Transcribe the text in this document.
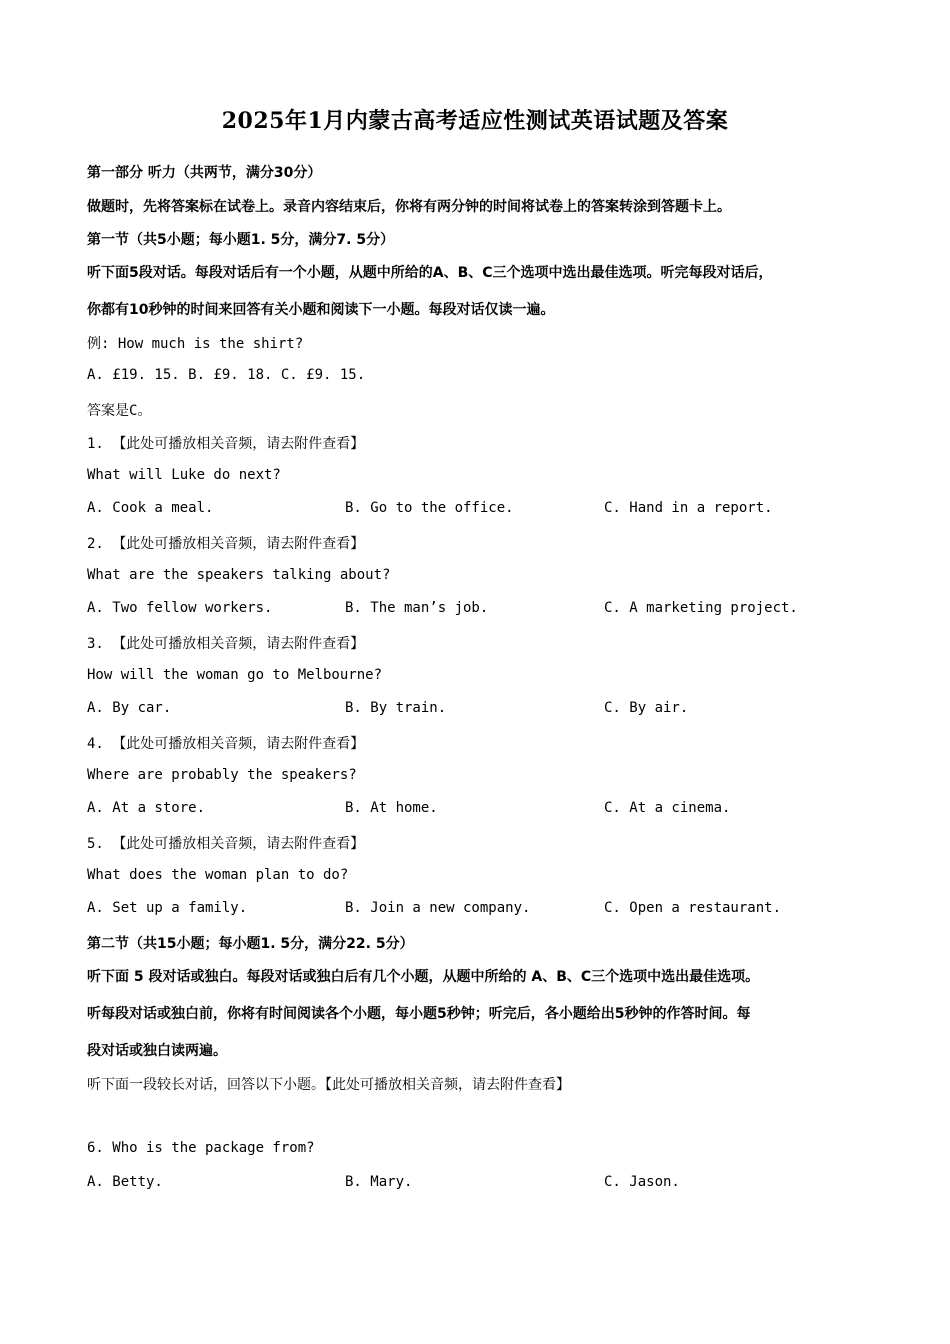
2025年1月内蒙古高考适应性测试英语试题及答案
第一部分 听力（共两节，满分30分）
做题时，先将答案标在试卷上。录音内容结束后，你将有两分钟的时间将试卷上的答案转涂到答题卡上。
第一节（共5小题；每小题1. 5分，满分7. 5分）
听下面5段对话。每段对话后有一个小题，从题中所给的A、B、C三个选项中选出最佳选项。听完每段对话后，
你都有10秒钟的时间来回答有关小题和阅读下一小题。每段对话仅读一遍。
例: How much is the shirt?
A. £19. 15. B. £9. 18. C. £9. 15.
答案是C。
1. 【此处可播放相关音频，请去附件查看】
What will Luke do next?
A. Cook a meal.	B. Go to the office.	C. Hand in a report.
2. 【此处可播放相关音频，请去附件查看】
What are the speakers talking about?
A. Two fellow workers.	B. The man’s job.	C. A marketing project.
3. 【此处可播放相关音频，请去附件查看】
How will the woman go to Melbourne?
A. By car.	B. By train.	C. By air.
4. 【此处可播放相关音频，请去附件查看】
Where are probably the speakers?
A. At a store.	B. At home.	C. At a cinema.
5. 【此处可播放相关音频，请去附件查看】
What does the woman plan to do?
A. Set up a family.	B. Join a new company.	C. Open a restaurant.
第二节（共15小题；每小题1. 5分，满分22. 5分）
听下面 5 段对话或独白。每段对话或独白后有几个小题，从题中所给的 A、B、C三个选项中选出最佳选项。
听每段对话或独白前，你将有时间阅读各个小题，每小题5秒钟；听完后，各小题给出5秒钟的作答时间。每
段对话或独白读两遍。
听下面一段较长对话，回答以下小题。【此处可播放相关音频，请去附件查看】
6. Who is the package from?
A. Betty.	B. Mary.	C. Jason.
